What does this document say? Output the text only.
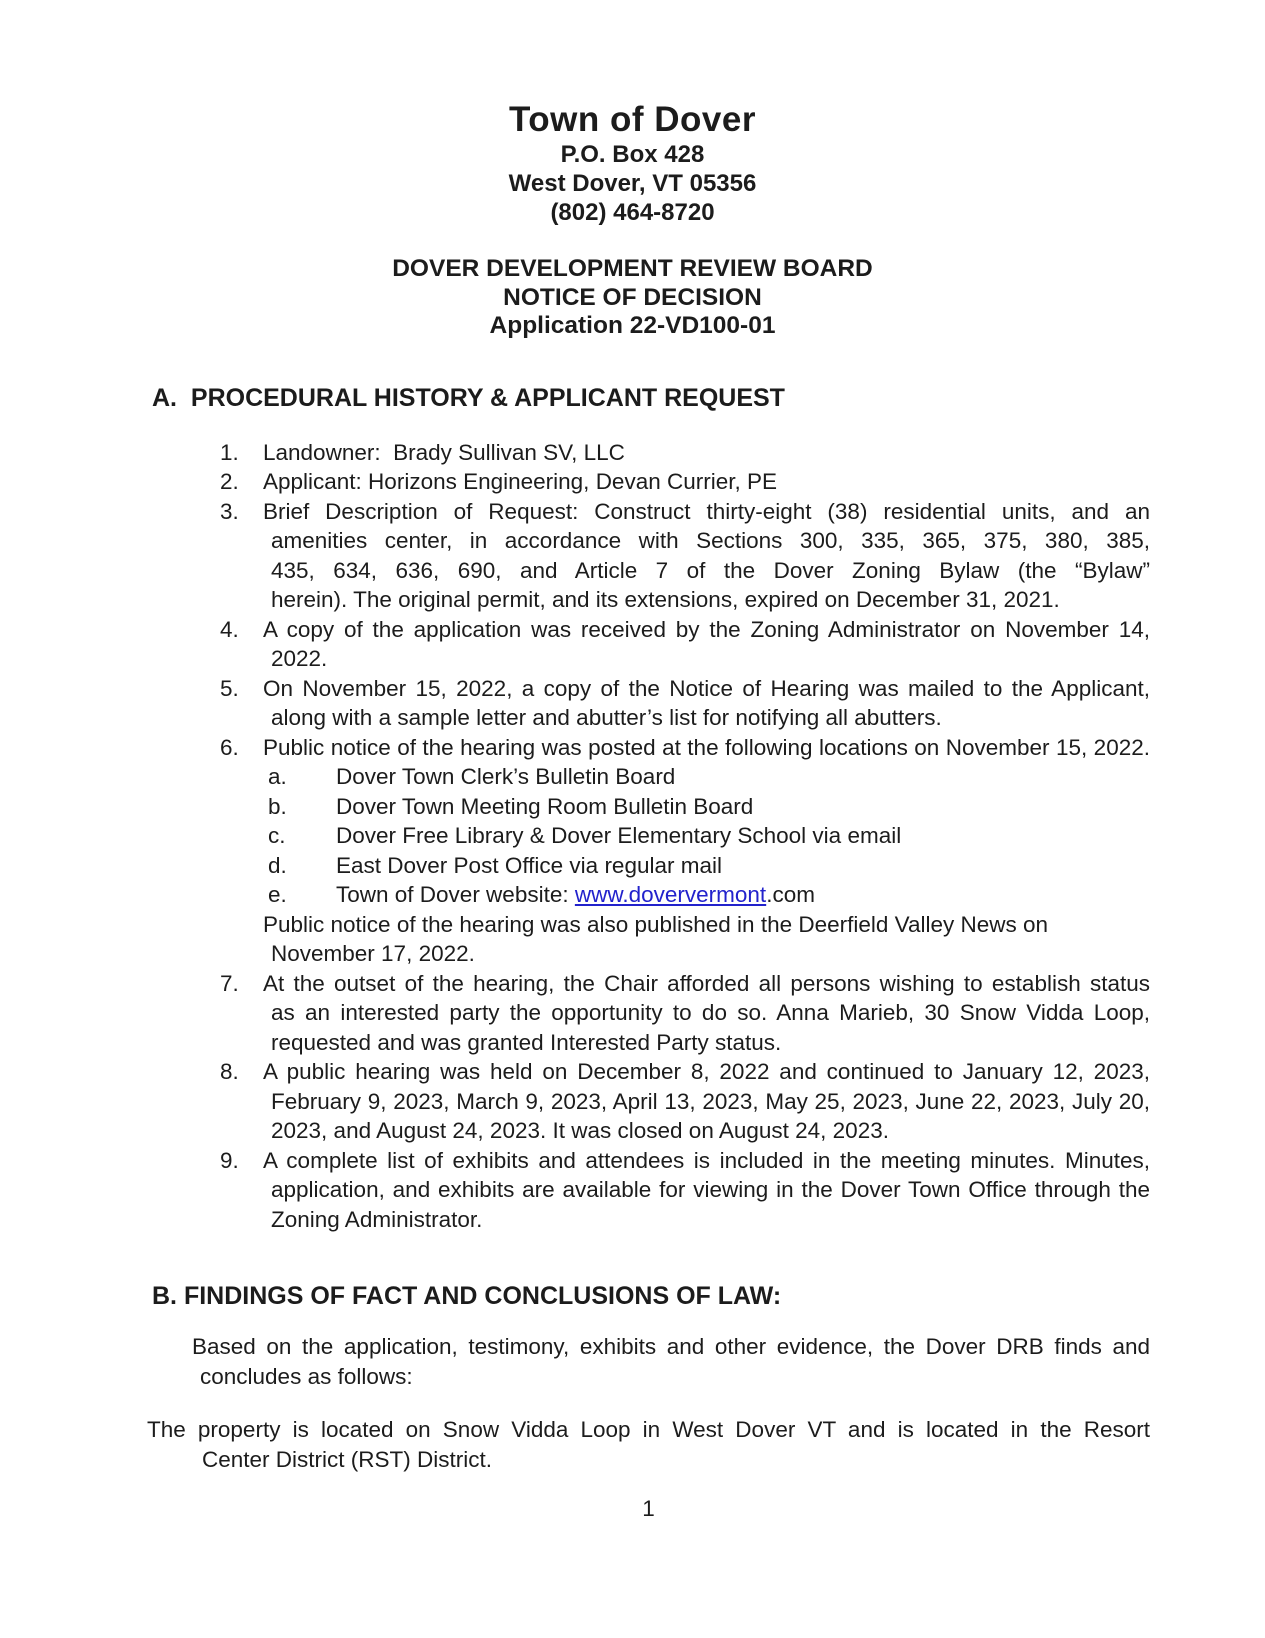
Town of Dover
P.O. Box 428
West Dover, VT 05356
(802) 464-8720
DOVER DEVELOPMENT REVIEW BOARD
NOTICE OF DECISION
Application 22-VD100-01
A.  PROCEDURAL HISTORY & APPLICANT REQUEST
1.	Landowner:  Brady Sullivan SV, LLC
2.	Applicant: Horizons Engineering, Devan Currier, PE
3.	Brief Description of Request: Construct thirty-eight (38) residential units, and an
amenities center, in accordance with Sections 300, 335, 365, 375, 380, 385,
435, 634, 636, 690, and Article 7 of the Dover Zoning Bylaw (the “Bylaw”
herein). The original permit, and its extensions, expired on December 31, 2021.
4.	A copy of the application was received by the Zoning Administrator on November 14,
2022.
5.	On November 15, 2022, a copy of the Notice of Hearing was mailed to the Applicant,
along with a sample letter and abutter’s list for notifying all abutters.
6.	Public notice of the hearing was posted at the following locations on November 15, 2022.
a.	Dover Town Clerk’s Bulletin Board
b.	Dover Town Meeting Room Bulletin Board
c.	Dover Free Library & Dover Elementary School via email
d.	East Dover Post Office via regular mail
e.	Town of Dover website: www.doververmont.com
Public notice of the hearing was also published in the Deerfield Valley News on
November 17, 2022.
7.	At the outset of the hearing, the Chair afforded all persons wishing to establish status
as an interested party the opportunity to do so. Anna Marieb, 30 Snow Vidda Loop,
requested and was granted Interested Party status.
8.	A public hearing was held on December 8, 2022 and continued to January 12, 2023,
February 9, 2023, March 9, 2023, April 13, 2023, May 25, 2023, June 22, 2023, July 20,
2023, and August 24, 2023. It was closed on August 24, 2023.
9.	A complete list of exhibits and attendees is included in the meeting minutes. Minutes,
application, and exhibits are available for viewing in the Dover Town Office through the
Zoning Administrator.
B. FINDINGS OF FACT AND CONCLUSIONS OF LAW:
Based on the application, testimony, exhibits and other evidence, the Dover DRB finds and
concludes as follows:
The property is located on Snow Vidda Loop in West Dover VT and is located in the Resort
Center District (RST) District.
1
